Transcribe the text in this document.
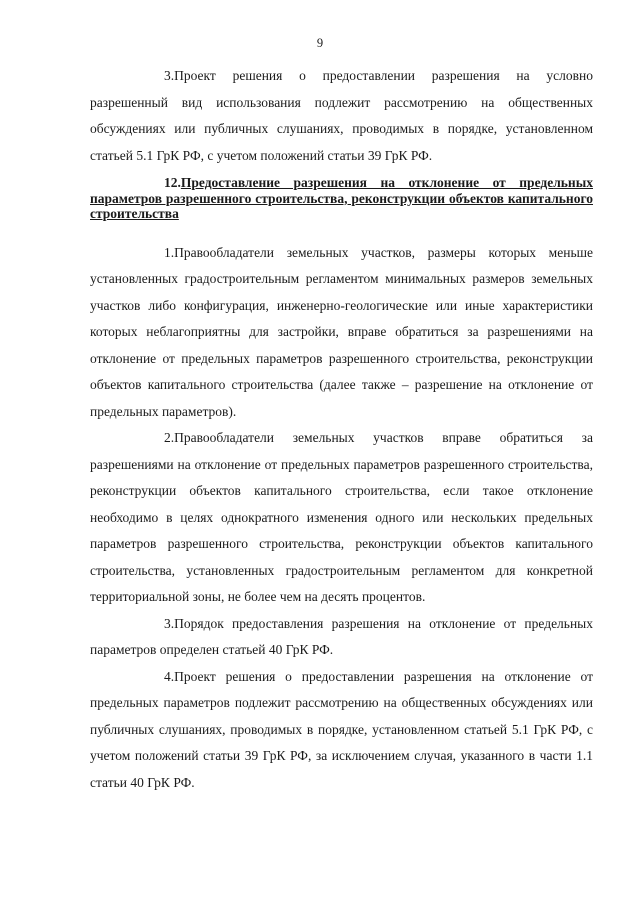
9

3.Проект решения о предоставлении разрешения на условно разрешенный вид использования подлежит рассмотрению на общественных обсуждениях или публичных слушаниях, проводимых в порядке, установленном статьей 5.1 ГрК РФ, с учетом положений статьи 39 ГрК РФ.

12.Предоставление разрешения на отклонение от предельных параметров разрешенного строительства, реконструкции объектов капитального строительства

1.Правообладатели земельных участков, размеры которых меньше установленных градостроительным регламентом минимальных размеров земельных участков либо конфигурация, инженерно-геологические или иные характеристики которых неблагоприятны для застройки, вправе обратиться за разрешениями на отклонение от предельных параметров разрешенного строительства, реконструкции объектов капитального строительства (далее также – разрешение на отклонение от предельных параметров).

2.Правообладатели земельных участков вправе обратиться за разрешениями на отклонение от предельных параметров разрешенного строительства, реконструкции объектов капитального строительства, если такое отклонение необходимо в целях однократного изменения одного или нескольких предельных параметров разрешенного строительства, реконструкции объектов капитального строительства, установленных градостроительным регламентом для конкретной территориальной зоны, не более чем на десять процентов.

3.Порядок предоставления разрешения на отклонение от предельных параметров определен статьей 40 ГрК РФ.

4.Проект решения о предоставлении разрешения на отклонение от предельных параметров подлежит рассмотрению на общественных обсуждениях или публичных слушаниях, проводимых в порядке, установленном статьей 5.1 ГрК РФ, с учетом положений статьи 39 ГрК РФ, за исключением случая, указанного в части 1.1 статьи 40 ГрК РФ.
